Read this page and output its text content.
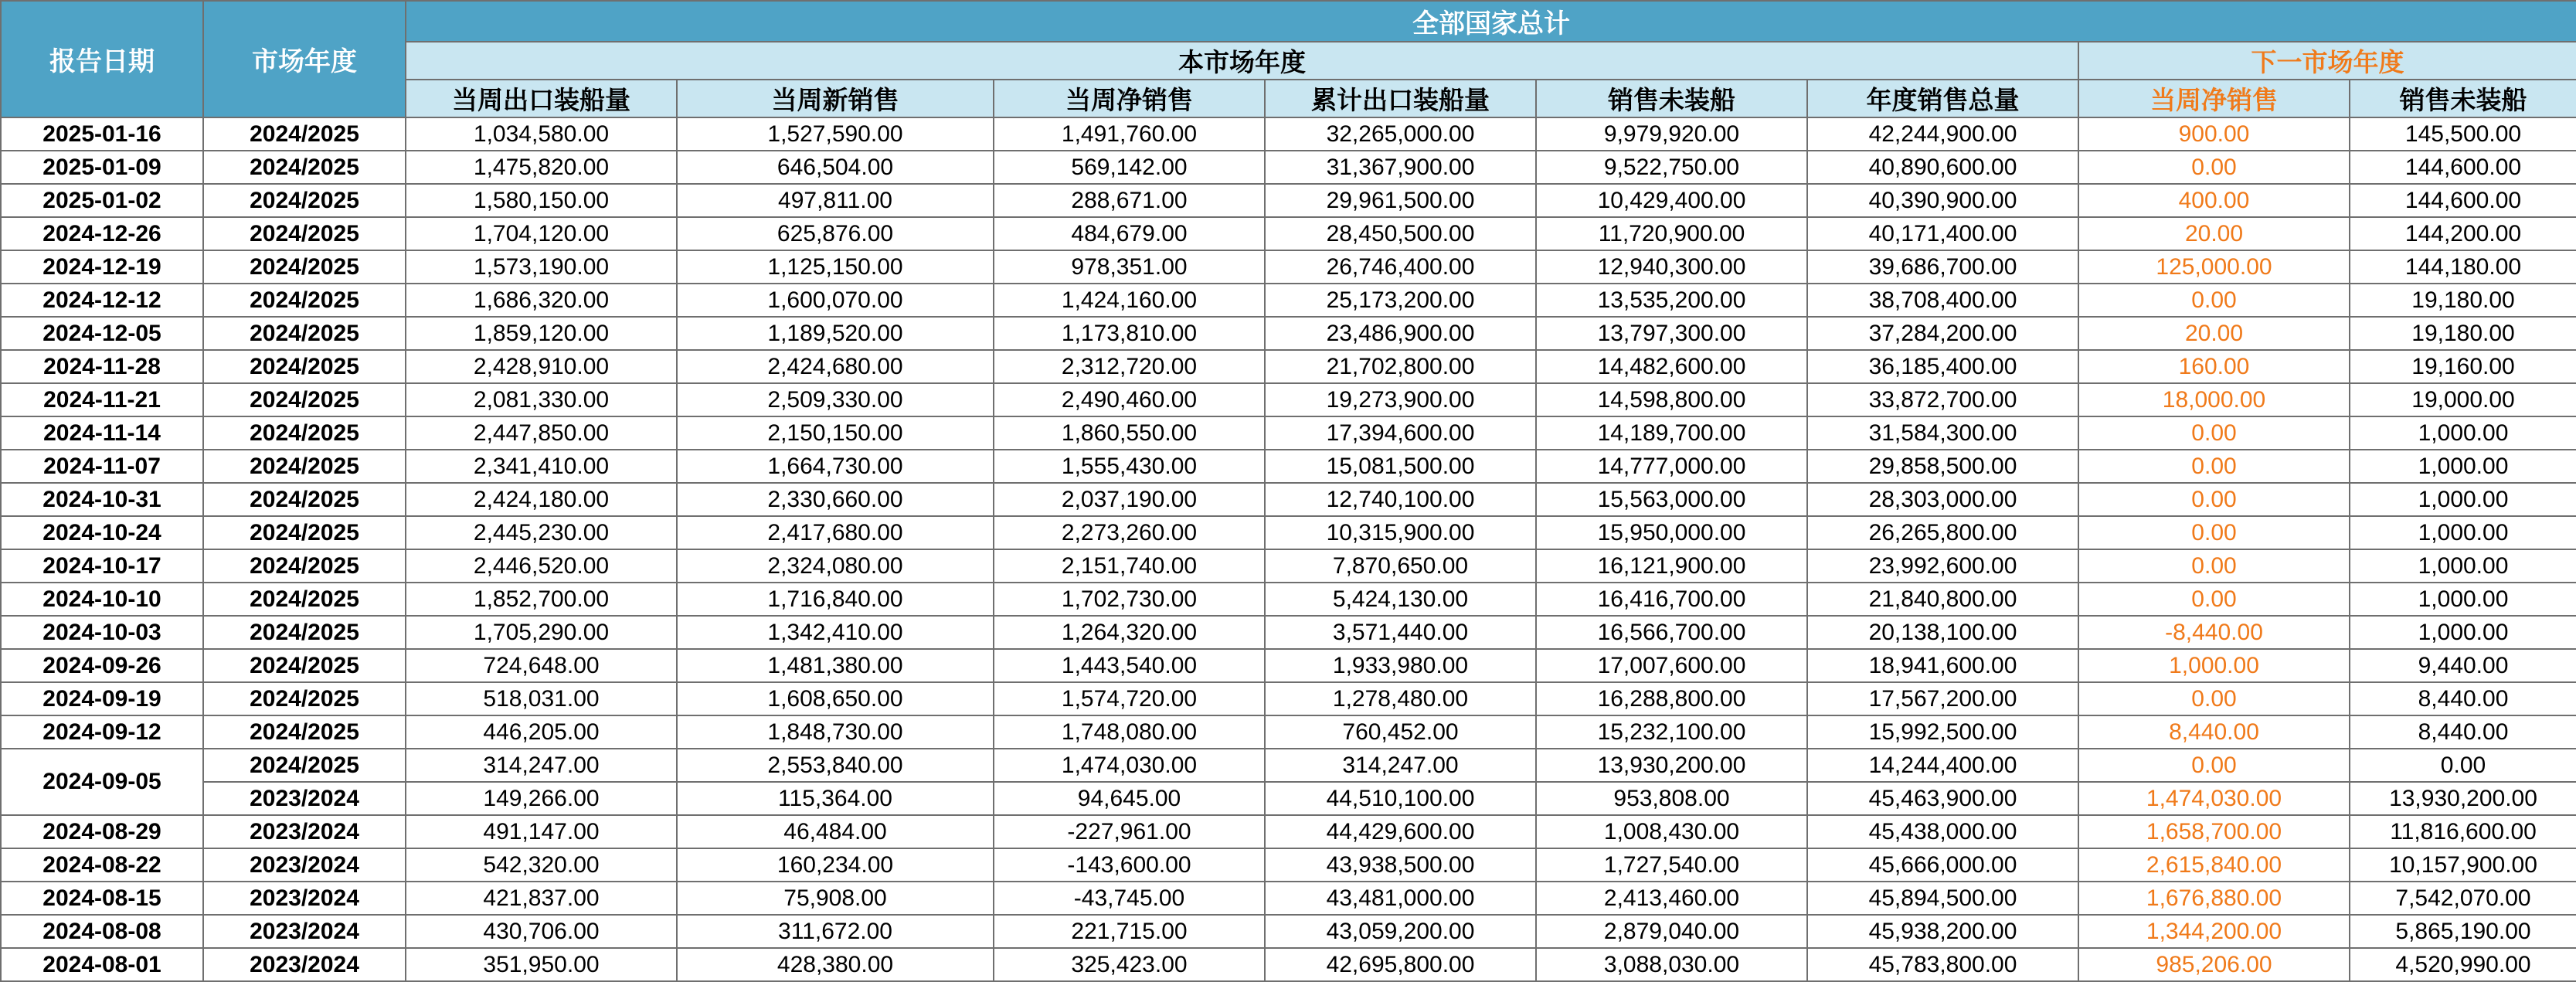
报告日期	市场年度	全部国家总计							
		本市场年度						下一市场年度	
		当周出口装船量	当周新销售	当周净销售	累计出口装船量	销售未装船	年度销售总量	当周净销售	销售未装船
2025-01-16	2024/2025	1,034,580.00	1,527,590.00	1,491,760.00	32,265,000.00	9,979,920.00	42,244,900.00	900.00	145,500.00
2025-01-09	2024/2025	1,475,820.00	646,504.00	569,142.00	31,367,900.00	9,522,750.00	40,890,600.00	0.00	144,600.00
2025-01-02	2024/2025	1,580,150.00	497,811.00	288,671.00	29,961,500.00	10,429,400.00	40,390,900.00	400.00	144,600.00
2024-12-26	2024/2025	1,704,120.00	625,876.00	484,679.00	28,450,500.00	11,720,900.00	40,171,400.00	20.00	144,200.00
2024-12-19	2024/2025	1,573,190.00	1,125,150.00	978,351.00	26,746,400.00	12,940,300.00	39,686,700.00	125,000.00	144,180.00
2024-12-12	2024/2025	1,686,320.00	1,600,070.00	1,424,160.00	25,173,200.00	13,535,200.00	38,708,400.00	0.00	19,180.00
2024-12-05	2024/2025	1,859,120.00	1,189,520.00	1,173,810.00	23,486,900.00	13,797,300.00	37,284,200.00	20.00	19,180.00
2024-11-28	2024/2025	2,428,910.00	2,424,680.00	2,312,720.00	21,702,800.00	14,482,600.00	36,185,400.00	160.00	19,160.00
2024-11-21	2024/2025	2,081,330.00	2,509,330.00	2,490,460.00	19,273,900.00	14,598,800.00	33,872,700.00	18,000.00	19,000.00
2024-11-14	2024/2025	2,447,850.00	2,150,150.00	1,860,550.00	17,394,600.00	14,189,700.00	31,584,300.00	0.00	1,000.00
2024-11-07	2024/2025	2,341,410.00	1,664,730.00	1,555,430.00	15,081,500.00	14,777,000.00	29,858,500.00	0.00	1,000.00
2024-10-31	2024/2025	2,424,180.00	2,330,660.00	2,037,190.00	12,740,100.00	15,563,000.00	28,303,000.00	0.00	1,000.00
2024-10-24	2024/2025	2,445,230.00	2,417,680.00	2,273,260.00	10,315,900.00	15,950,000.00	26,265,800.00	0.00	1,000.00
2024-10-17	2024/2025	2,446,520.00	2,324,080.00	2,151,740.00	7,870,650.00	16,121,900.00	23,992,600.00	0.00	1,000.00
2024-10-10	2024/2025	1,852,700.00	1,716,840.00	1,702,730.00	5,424,130.00	16,416,700.00	21,840,800.00	0.00	1,000.00
2024-10-03	2024/2025	1,705,290.00	1,342,410.00	1,264,320.00	3,571,440.00	16,566,700.00	20,138,100.00	-8,440.00	1,000.00
2024-09-26	2024/2025	724,648.00	1,481,380.00	1,443,540.00	1,933,980.00	17,007,600.00	18,941,600.00	1,000.00	9,440.00
2024-09-19	2024/2025	518,031.00	1,608,650.00	1,574,720.00	1,278,480.00	16,288,800.00	17,567,200.00	0.00	8,440.00
2024-09-12	2024/2025	446,205.00	1,848,730.00	1,748,080.00	760,452.00	15,232,100.00	15,992,500.00	8,440.00	8,440.00
2024-09-05	2024/2025	314,247.00	2,553,840.00	1,474,030.00	314,247.00	13,930,200.00	14,244,400.00	0.00	0.00
	2023/2024	149,266.00	115,364.00	94,645.00	44,510,100.00	953,808.00	45,463,900.00	1,474,030.00	13,930,200.00
2024-08-29	2023/2024	491,147.00	46,484.00	-227,961.00	44,429,600.00	1,008,430.00	45,438,000.00	1,658,700.00	11,816,600.00
2024-08-22	2023/2024	542,320.00	160,234.00	-143,600.00	43,938,500.00	1,727,540.00	45,666,000.00	2,615,840.00	10,157,900.00
2024-08-15	2023/2024	421,837.00	75,908.00	-43,745.00	43,481,000.00	2,413,460.00	45,894,500.00	1,676,880.00	7,542,070.00
2024-08-08	2023/2024	430,706.00	311,672.00	221,715.00	43,059,200.00	2,879,040.00	45,938,200.00	1,344,200.00	5,865,190.00
2024-08-01	2023/2024	351,950.00	428,380.00	325,423.00	42,695,800.00	3,088,030.00	45,783,800.00	985,206.00	4,520,990.00
